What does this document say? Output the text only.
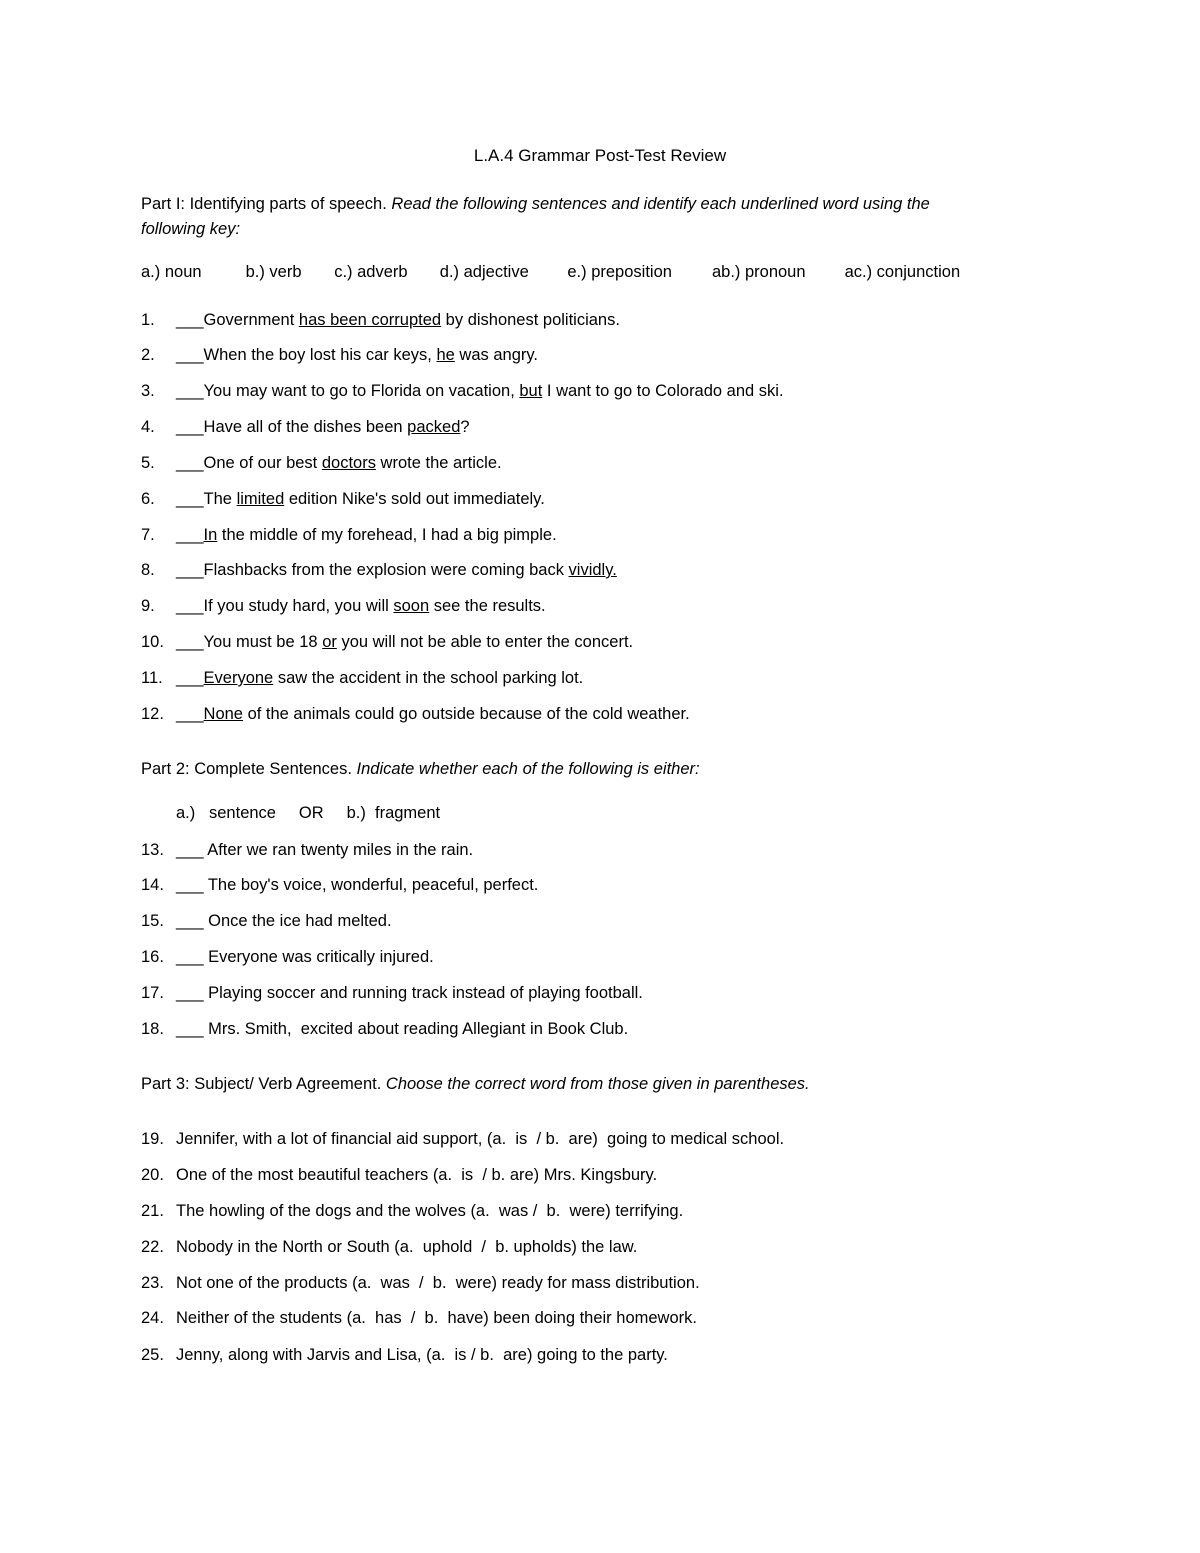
L.A.4 Grammar Post-Test Review
Part I: Identifying parts of speech. Read the following sentences and identify each underlined word using the
following key:
a.) noun	b.) verb c.) adverb d.) adjective e.) preposition ab.) pronoun ac.) conjunction
1. ___Government has been corrupted by dishonest politicians.
2. ___When the boy lost his car keys, he was angry.
3. ___You may want to go to Florida on vacation, but I want to go to Colorado and ski.
4. ___Have all of the dishes been packed?
5. ___One of our best doctors wrote the article.
6. ___The limited edition Nike's sold out immediately.
7. ___In the middle of my forehead, I had a big pimple.
8. ___Flashbacks from the explosion were coming back vividly.
9. ___If you study hard, you will soon see the results.
10. ___You must be 18 or you will not be able to enter the concert.
11. ___Everyone saw the accident in the school parking lot.
12. ___None of the animals could go outside because of the cold weather.
Part 2: Complete Sentences. Indicate whether each of the following is either:
a.)   sentence     OR     b.)  fragment
13. ___ After we ran twenty miles in the rain.
14. ___ The boy's voice, wonderful, peaceful, perfect.
15. ___ Once the ice had melted.
16. ___ Everyone was critically injured.
17. ___ Playing soccer and running track instead of playing football.
18. ___ Mrs. Smith,  excited about reading Allegiant in Book Club.
Part 3: Subject/ Verb Agreement. Choose the correct word from those given in parentheses.
19. Jennifer, with a lot of financial aid support, (a.  is  / b.  are)  going to medical school.
20. One of the most beautiful teachers (a.  is  / b. are) Mrs. Kingsbury.
21. The howling of the dogs and the wolves (a.  was /  b.  were) terrifying.
22. Nobody in the North or South (a.  uphold  /  b. upholds) the law.
23. Not one of the products (a.  was  /  b.  were) ready for mass distribution.
24. Neither of the students (a.  has  /  b.  have) been doing their homework.
25. Jenny, along with Jarvis and Lisa, (a.  is / b.  are) going to the party.
